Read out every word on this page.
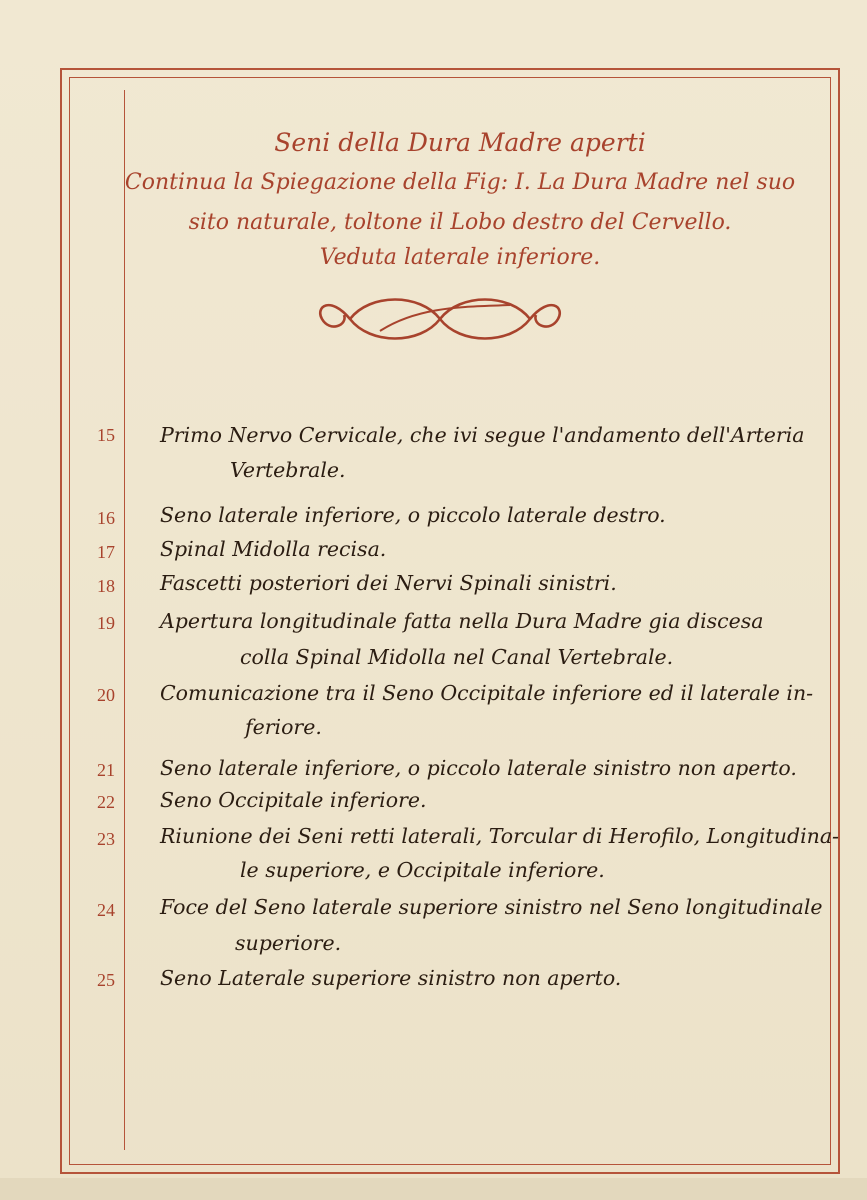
Seni della Dura Madre aperti
Continua la Spiegazione della Fig: I. La Dura Madre nel suo
sito naturale, toltone il Lobo destro del Cervello.
Veduta laterale inferiore.
15	Primo Nervo Cervicale, che ivi segue l'andamento dell'Arteria
Vertebrale.
16	Seno laterale inferiore, o piccolo laterale destro.
17	Spinal Midolla recisa.
18	Fascetti posteriori dei Nervi Spinali sinistri.
19	Apertura longitudinale fatta nella Dura Madre gia discesa
colla Spinal Midolla nel Canal Vertebrale.
20	Comunicazione tra il Seno Occipitale inferiore ed il laterale in-
feriore.
21	Seno laterale inferiore, o piccolo laterale sinistro non aperto.
22	Seno Occipitale inferiore.
23	Riunione dei Seni retti laterali, Torcular di Herofilo, Longitudina-
le superiore, e Occipitale inferiore.
24	Foce del Seno laterale superiore sinistro nel Seno longitudinale
superiore.
25	Seno Laterale superiore sinistro non aperto.
